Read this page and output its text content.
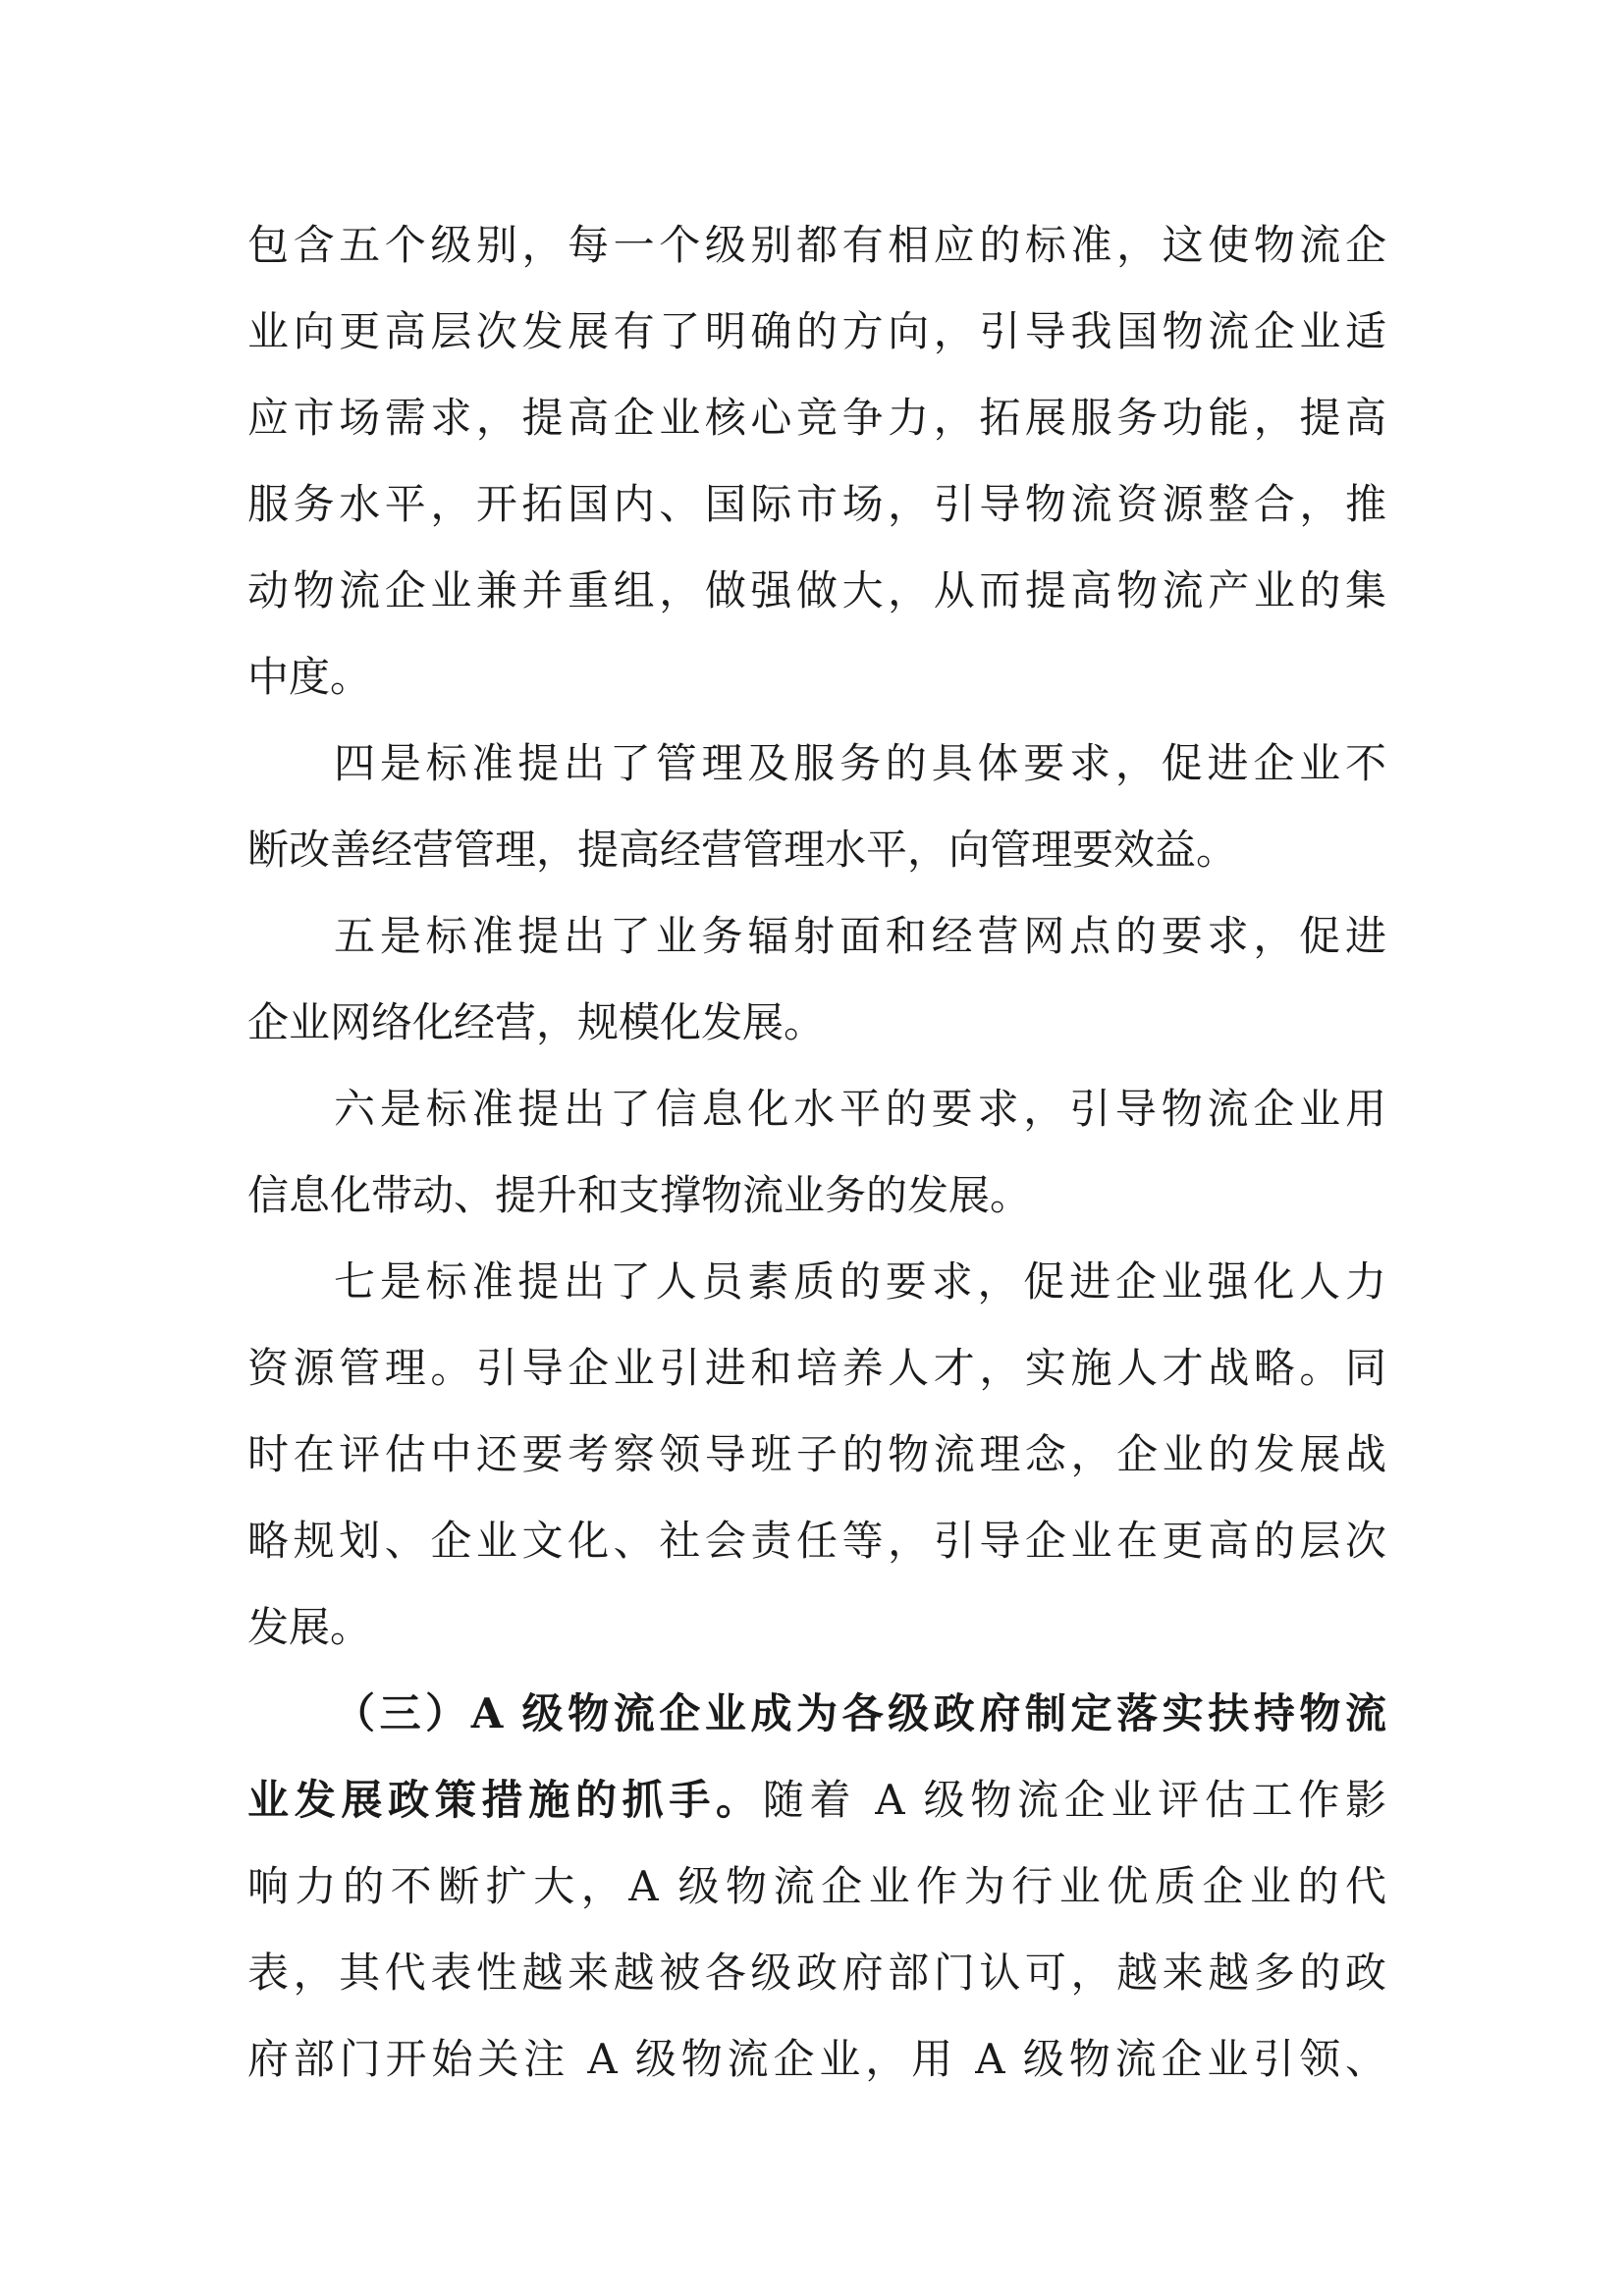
包含五个级别，每一个级别都有相应的标准，这使物流企
业向更高层次发展有了明确的方向，引导我国物流企业适
应市场需求，提高企业核心竞争力，拓展服务功能，提高
服务水平，开拓国内、国际市场，引导物流资源整合，推
动物流企业兼并重组，做强做大，从而提高物流产业的集
中度。
四是标准提出了管理及服务的具体要求，促进企业不
断改善经营管理，提高经营管理水平，向管理要效益。
五是标准提出了业务辐射面和经营网点的要求，促进
企业网络化经营，规模化发展。
六是标准提出了信息化水平的要求，引导物流企业用
信息化带动、提升和支撑物流业务的发展。
七是标准提出了人员素质的要求，促进企业强化人力
资源管理。引导企业引进和培养人才，实施人才战略。同
时在评估中还要考察领导班子的物流理念，企业的发展战
略规划、企业文化、社会责任等，引导企业在更高的层次
发展。
（三）A 级物流企业成为各级政府制定落实扶持物流
业发展政策措施的抓手。随着 A 级物流企业评估工作影
响力的不断扩大，A 级物流企业作为行业优质企业的代
表，其代表性越来越被各级政府部门认可，越来越多的政
府部门开始关注 A 级物流企业，用 A 级物流企业引领、
